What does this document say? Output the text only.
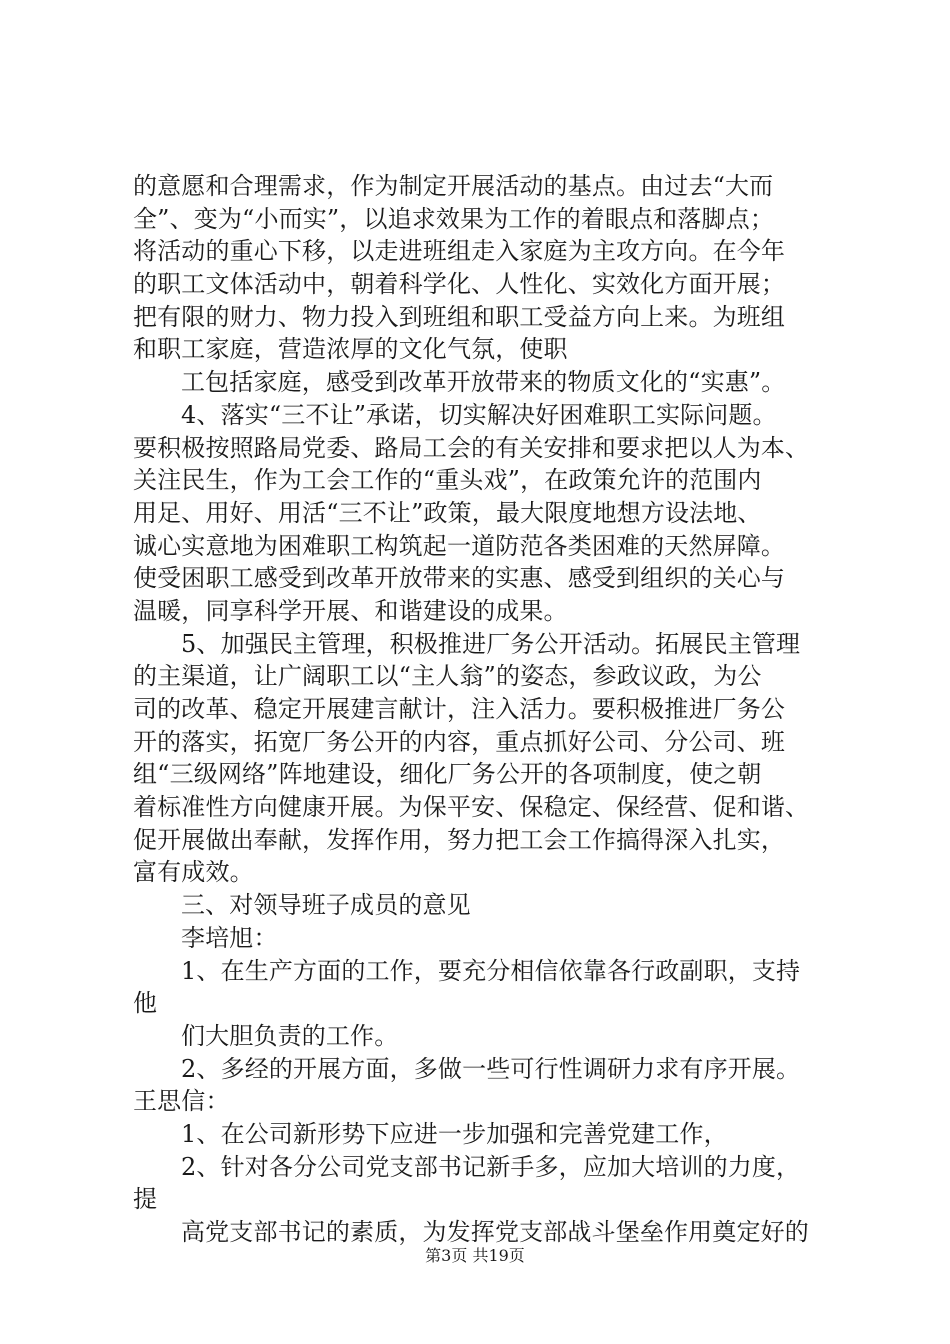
的意愿和合理需求，作为制定开展活动的基点。由过去“大而
全”、变为“小而实”，以追求效果为工作的着眼点和落脚点；
将活动的重心下移，以走进班组走入家庭为主攻方向。在今年
的职工文体活动中，朝着科学化、人性化、实效化方面开展；
把有限的财力、物力投入到班组和职工受益方向上来。为班组
和职工家庭，营造浓厚的文化气氛，使职
工包括家庭，感受到改革开放带来的物质文化的“实惠”。
4、落实“三不让”承诺，切实解决好困难职工实际问题。
要积极按照路局党委、路局工会的有关安排和要求把以人为本、
关注民生，作为工会工作的“重头戏”，在政策允许的范围内
用足、用好、用活“三不让”政策，最大限度地想方设法地、
诚心实意地为困难职工构筑起一道防范各类困难的天然屏障。
使受困职工感受到改革开放带来的实惠、感受到组织的关心与
温暖，同享科学开展、和谐建设的成果。
5、加强民主管理，积极推进厂务公开活动。拓展民主管理
的主渠道，让广阔职工以“主人翁”的姿态，参政议政，为公
司的改革、稳定开展建言献计，注入活力。要积极推进厂务公
开的落实，拓宽厂务公开的内容，重点抓好公司、分公司、班
组“三级网络”阵地建设，细化厂务公开的各项制度，使之朝
着标准性方向健康开展。为保平安、保稳定、保经营、促和谐、
促开展做出奉献，发挥作用，努力把工会工作搞得深入扎实，
富有成效。
三、对领导班子成员的意见
李培旭：
1、在生产方面的工作，要充分相信依靠各行政副职，支持
他
们大胆负责的工作。
2、多经的开展方面，多做一些可行性调研力求有序开展。
王思信：
1、在公司新形势下应进一步加强和完善党建工作，
2、针对各分公司党支部书记新手多，应加大培训的力度，
提
高党支部书记的素质，为发挥党支部战斗堡垒作用奠定好的
第3页 共19页
